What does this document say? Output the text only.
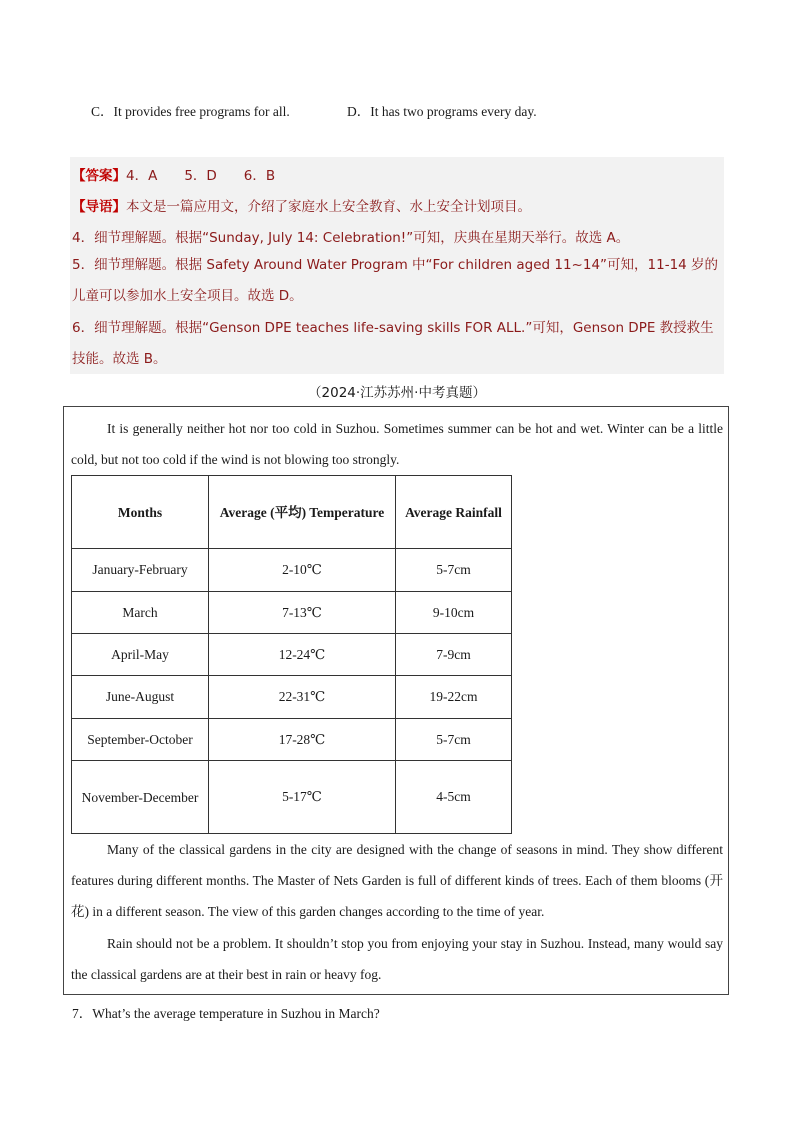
C．It provides free programs for all.	D．It has two programs every day.
【答案】4．A　　5．D　　6．B
【导语】本文是一篇应用文，介绍了家庭水上安全教育、水上安全计划项目。
4．细节理解题。根据“Sunday, July 14: Celebration!”可知，庆典在星期天举行。故选 A。
5．细节理解题。根据 Safety Around Water Program 中“For children aged 11~14”可知，11-14 岁的儿童可以参加水上安全项目。故选 D。
6．细节理解题。根据“Genson DPE teaches life-saving skills FOR ALL.”可知，Genson DPE 教授救生技能。故选 B。
（2024·江苏苏州·中考真题）
It is generally neither hot nor too cold in Suzhou. Sometimes summer can be hot and wet. Winter can be a little cold, but not too cold if the wind is not blowing too strongly.
Months	Average (平均) Temperature	Average Rainfall
January-February	2-10℃	5-7cm
March	7-13℃	9-10cm
April-May	12-24℃	7-9cm
June-August	22-31℃	19-22cm
September-October	17-28℃	5-7cm
November-December	5-17℃	4-5cm
Many of the classical gardens in the city are designed with the change of seasons in mind. They show different features during different months. The Master of Nets Garden is full of different kinds of trees. Each of them blooms (开花) in a different season. The view of this garden changes according to the time of year.
Rain should not be a problem. It shouldn’t stop you from enjoying your stay in Suzhou. Instead, many would say the classical gardens are at their best in rain or heavy fog.
7．What’s the average temperature in Suzhou in March?
